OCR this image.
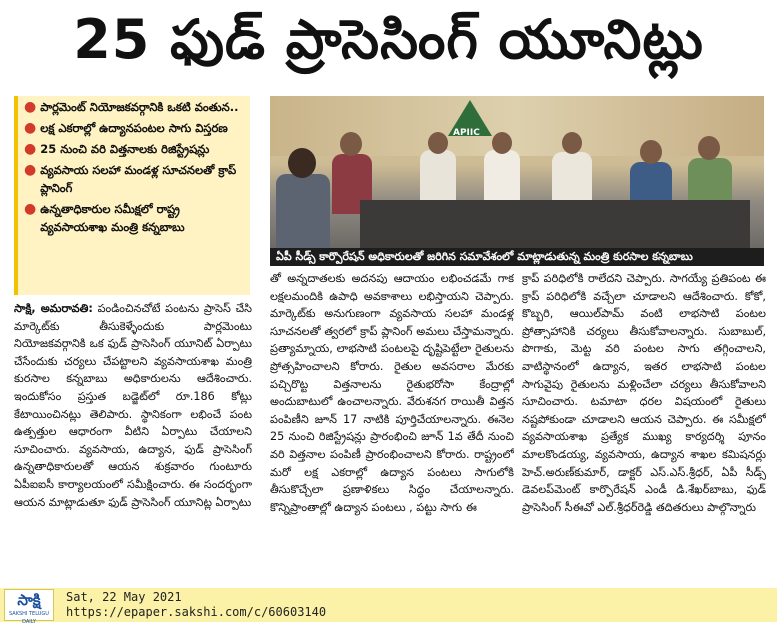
25 ఫుడ్ ప్రాసెసింగ్ యూనిట్లు
● పార్లమెంట్ నియోజకవర్గానికి ఒకటి వంతున..
● లక్ష ఎకరాల్లో ఉద్యానపంటల సాగు విస్తరణ
● 25 నుంచి వరి విత్తనాలకు రిజిస్ట్రేషన్లు
● వ్యవసాయ సలహా మండళ్ల సూచనలతో క్రాప్ ప్లానింగ్
● ఉన్నతాధికారుల సమీక్షలో రాష్ట్ర వ్యవసాయశాఖ మంత్రి కన్నబాబు
APIIC
ఏపీ సీడ్స్ కార్పొరేషన్ అధికారులతో జరిగిన సమావేశంలో మాట్లాడుతున్న మంత్రి కురసాల కన్నబాబు
సాక్షి, అమరావతి: పండించినచోటే పంటను ప్రాసెస్ చేసి మార్కెట్‌కు తీసుకెళ్ళేందుకు పార్లమెంటు నియోజకవర్గానికి ఒక ఫుడ్ ప్రాసెసింగ్ యూనిట్ ఏర్పాటు చేసేందుకు చర్యలు చేపట్టాలని వ్యవసాయశాఖ మంత్రి కురసాల కన్నబాబు అధికారులను ఆదేశించారు. ఇందుకోసం ప్రస్తుత బడ్జెట్‌లో రూ.186 కోట్లు కేటాయించినట్లు తెలిపారు. స్థానికంగా లభించే పంట ఉత్పత్తుల ఆధారంగా వీటిని ఏర్పాటు చేయాలని సూచించారు. వ్యవసాయ, ఉద్యాన, ఫుడ్ ప్రాసెసింగ్ ఉన్నతాధికారులతో ఆయన శుక్రవారం గుంటూరు ఏపీఐఐసీ కార్యాలయంలో సమీక్షించారు. ఈ సందర్భంగా ఆయన మాట్లాడుతూ ఫుడ్ ప్రాసెసింగ్ యూనిట్ల ఏర్పాటు
తో అన్నదాతలకు అదనపు ఆదాయం లభించడమే గాక లక్షలమందికి ఉపాధి అవకాశాలు లభిస్తాయని చెప్పారు. మార్కెట్‌కు అనుగుణంగా వ్యవసాయ సలహా మండళ్ల సూచనలతో త్వరలో క్రాప్ ప్లానింగ్ అమలు చేస్తామన్నారు. ప్రత్యామ్నాయ, లాభసాటి పంటలపై దృష్టిపెట్టేలా రైతులను ప్రోత్సహించాలని కోరారు. రైతుల అవసరాల మేరకు పచ్చిరొట్ట విత్తనాలను రైతుభరోసా కేంద్రాల్లో అందుబాటులో ఉంచాలన్నారు. వేరుశనగ రాయితీ విత్తన పంపిణీని జూన్ 17 నాటికి పూర్తిచేయాలన్నారు. ఈనెల 25 నుంచి రిజిస్ట్రేషన్లు ప్రారంభించి జూన్ 1వ తేదీ నుంచి వరి విత్తనాల పంపిణీ ప్రారంభించాలని కోరారు. రాష్ట్రంలో మరో లక్ష ఎకరాల్లో ఉద్యాన పంటలు సాగులోకి తీసుకొచ్చేలా ప్రణాళికలు సిద్ధం చేయాలన్నారు. కొన్నిప్రాంతాల్లో ఉద్యాన పంటలు , పట్టు సాగు ఈ
క్రాప్ పరిధిలోకి రాలేదని చెప్పారు. సాగయ్యే ప్రతిపంట ఈ క్రాప్ పరిధిలోకి వచ్చేలా చూడాలని ఆదేశించారు. కోకో, కొబ్బరి, ఆయిల్‌పామ్ వంటి లాభసాటి పంటల ప్రోత్సాహానికి చర్యలు తీసుకోవాలన్నారు. సుబాబుల్, పొగాకు, మెట్ట వరి పంటల సాగు తగ్గించాలని, వాటిస్థానంలో ఉద్యాన, ఇతర లాభసాటి పంటల సాగువైపు రైతులను మళ్లించేలా చర్యలు తీసుకోవాలని సూచించారు. టమాటా ధరల విషయంలో రైతులు నష్టపోకుండా చూడాలని ఆయన చెప్పారు. ఈ సమీక్షలో వ్యవసాయశాఖ ప్రత్యేక ముఖ్య కార్యదర్శి పూనం మాలకొండయ్య, వ్యవసాయ, ఉద్యాన శాఖల కమిషనర్లు హెచ్.అరుణ్‌కుమార్, డాక్టర్ ఎస్.ఎస్.శ్రీధర్, ఏపీ సీడ్స్ డెవలప్‌మెంట్ కార్పొరేషన్ ఎండీ డి.శేఖర్‌బాబు, ఫుడ్ ప్రాసెసింగ్ సీఈవో ఎల్.శ్రీధర్‌రెడ్డి తదితరులు పాల్గొన్నారు
సాక్షి
SAKSHI TELUGU DAILY
Sat, 22 May 2021
https://epaper.sakshi.com/c/60603140
